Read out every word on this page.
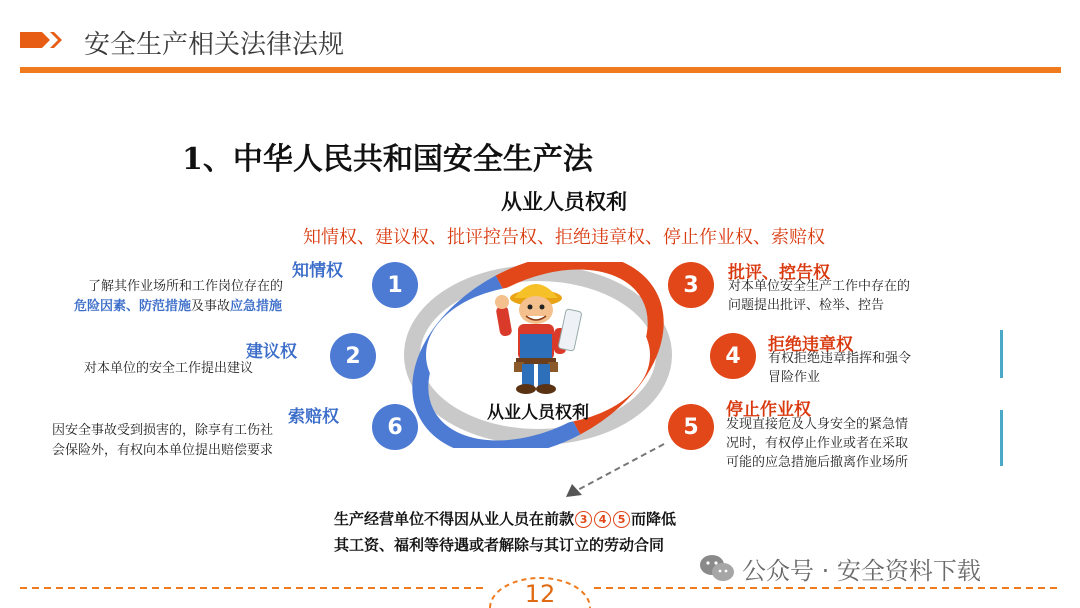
安全生产相关法律法规
1、中华人民共和国安全生产法
从业人员权利
知情权、建议权、批评控告权、拒绝违章权、停止作业权、索赔权
从业人员权利
知情权
了解其作业场所和工作岗位存在的
危险因素、防范措施及事故应急措施
1
建议权
对本单位的安全工作提出建议	2
索赔权
因安全事故受到损害的，除享有工伤社
会保险外，有权向本单位提出赔偿要求
6
3	批评、控告权
对本单位安全生产工作中存在的
问题提出批评、检举、控告
4	拒绝违章权
有权拒绝违章指挥和强令
冒险作业
5
停止作业权
发现直接危及人身安全的紧急情
况时，有权停止作业或者在采取
可能的应急措施后撤离作业场所
生产经营单位不得因从业人员在前款 3 4 5 而降低
其工资、福利等待遇或者解除与其订立的劳动合同
12
公众号 · 安全资料下载
